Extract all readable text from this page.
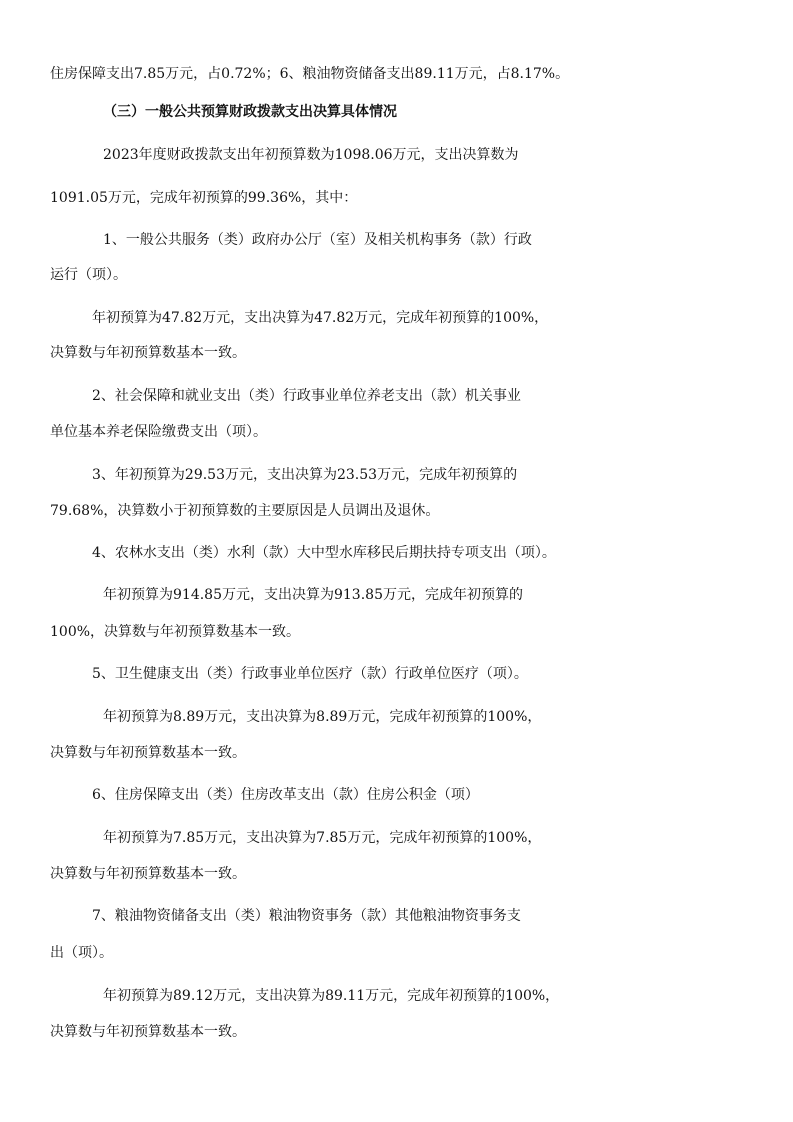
住房保障支出7.85万元，占0.72%；6、粮油物资储备支出89.11万元，占8.17%。
（三）一般公共预算财政拨款支出决算具体情况
2023年度财政拨款支出年初预算数为1098.06万元，支出决算数为
1091.05万元，完成年初预算的99.36%，其中：
1、一般公共服务（类）政府办公厅（室）及相关机构事务（款）行政
运行（项）。
年初预算为47.82万元，支出决算为47.82万元，完成年初预算的100%，
决算数与年初预算数基本一致。
2、社会保障和就业支出（类）行政事业单位养老支出（款）机关事业
单位基本养老保险缴费支出（项）。
3、年初预算为29.53万元，支出决算为23.53万元，完成年初预算的
79.68%，决算数小于初预算数的主要原因是人员调出及退休。
4、农林水支出（类）水利（款）大中型水库移民后期扶持专项支出（项）。
年初预算为914.85万元，支出决算为913.85万元，完成年初预算的
100%，决算数与年初预算数基本一致。
5、卫生健康支出（类）行政事业单位医疗（款）行政单位医疗（项）。
年初预算为8.89万元，支出决算为8.89万元，完成年初预算的100%，
决算数与年初预算数基本一致。
6、住房保障支出（类）住房改革支出（款）住房公积金（项）
年初预算为7.85万元，支出决算为7.85万元，完成年初预算的100%，
决算数与年初预算数基本一致。
7、粮油物资储备支出（类）粮油物资事务（款）其他粮油物资事务支
出（项）。
年初预算为89.12万元，支出决算为89.11万元，完成年初预算的100%，
决算数与年初预算数基本一致。
